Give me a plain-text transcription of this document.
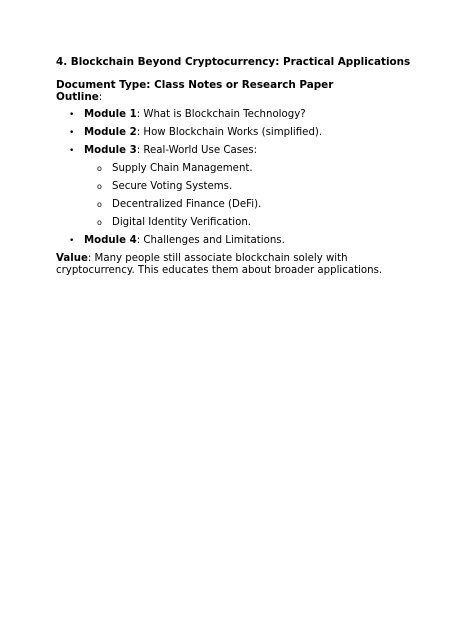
4. Blockchain Beyond Cryptocurrency: Practical Applications

Document Type: Class Notes or Research Paper
Outline:
• Module 1: What is Blockchain Technology?
• Module 2: How Blockchain Works (simplified).
• Module 3: Real-World Use Cases:
o Supply Chain Management.
o Secure Voting Systems.
o Decentralized Finance (DeFi).
o Digital Identity Verification.
• Module 4: Challenges and Limitations.
Value: Many people still associate blockchain solely with cryptocurrency. This educates them about broader applications.
